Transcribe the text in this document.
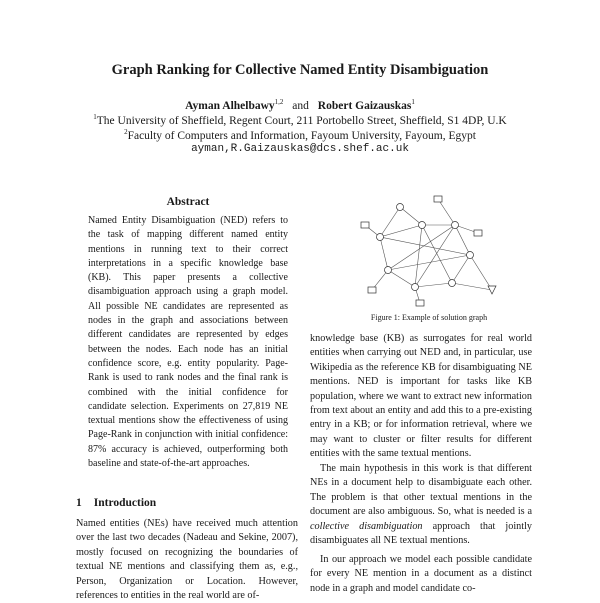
Graph Ranking for Collective Named Entity Disambiguation
Ayman Alhelbawy$^{1,2}$ and Robert Gaizauskas$^1$
$^1$The University of Sheffield, Regent Court, 211 Portobello Street, Sheffield, S1 4DP, U.K
$^2$Faculty of Computers and Information, Fayoum University, Fayoum, Egypt
ayman,R.Gaizauskas@dcs.shef.ac.uk
Abstract

Named Entity Disambiguation (NED) refers to the task of mapping different named entity mentions in running text to their correct interpretations in a specific knowledge base (KB). This paper presents a collective disambiguation approach using a graph model. All possible NE candidates are represented as nodes in the graph and associations between different candidates are represented by edges between the nodes. Each node has an initial confidence score, e.g. entity popularity. Page-Rank is used to rank nodes and the final rank is combined with the initial confidence for candidate selection. Experiments on 27,819 NE textual mentions show the effectiveness of using Page-Rank in conjunction with initial confidence: 87% accuracy is achieved, outperforming both baseline and state-of-the-art approaches.

1 Introduction

Named entities (NEs) have received much attention over the last two decades (Nadeau and Sekine, 2007), mostly focused on recognizing the boundaries of textual NE mentions and classifying them as, e.g., Person, Organization or Location. However, references to entities in the real world are of-

Figure 1: Example of solution graph

knowledge base (KB) as surrogates for real world entities when carrying out NED and, in particular, use Wikipedia as the reference KB for disambiguating NE mentions. NED is important for tasks like KB population, where we want to extract new information from text about an entity and add this to a pre-existing entry in a KB; or for information retrieval, where we may want to cluster or filter results for different entities with the same textual mentions.

The main hypothesis in this work is that different NEs in a document help to disambiguate each other. The problem is that other textual mentions in the document are also ambiguous. So, what is needed is a collective disambiguation approach that jointly disambiguates all NE textual mentions.

In our approach we model each possible candidate for every NE mention in a document as a distinct node in a graph and model candidate co-
